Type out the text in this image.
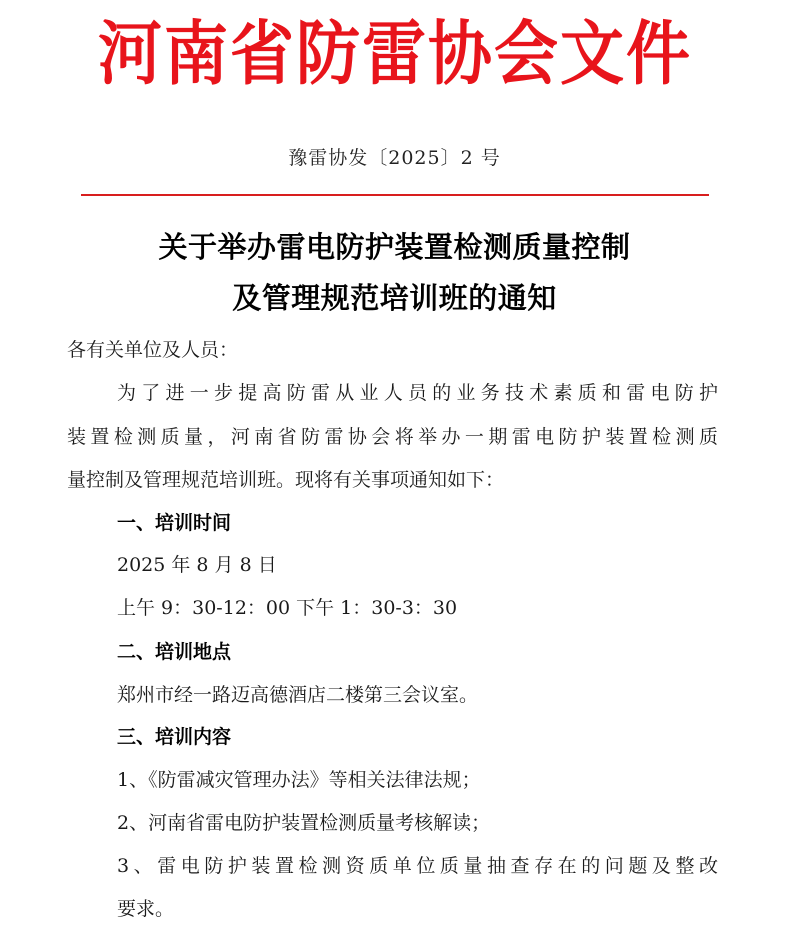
河南省防雷协会文件
豫雷协发〔2025〕2 号
关于举办雷电防护装置检测质量控制
及管理规范培训班的通知
各有关单位及人员：
为了进一步提高防雷从业人员的业务技术素质和雷电防护
装置检测质量，河南省防雷协会将举办一期雷电防护装置检测质
量控制及管理规范培训班。现将有关事项通知如下：
一、培训时间
2025 年 8 月 8 日
上午 9：30-12：00 下午 1：30-3：30
二、培训地点
郑州市经一路迈高德酒店二楼第三会议室。
三、培训内容
1、《防雷减灾管理办法》等相关法律法规；
2、河南省雷电防护装置检测质量考核解读；
3、雷电防护装置检测资质单位质量抽查存在的问题及整改
要求。
